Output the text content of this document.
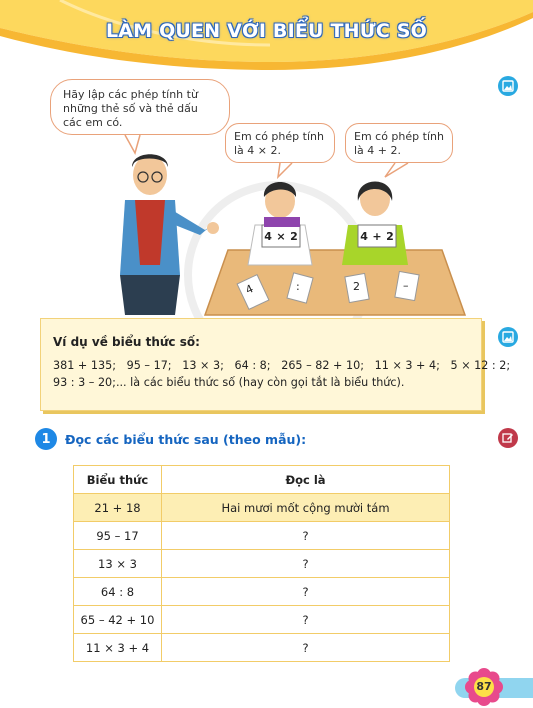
LÀM QUEN VỚI BIỂU THỨC SỐ
Hãy lập các phép tính từ những thẻ số và thẻ dấu các em có.
Em có phép tính là 4 × 2.
Em có phép tính là 4 + 2.
4 × 2	4 + 2
4	:	2	–
Ví dụ về biểu thức số:
381 + 135;   95 – 17;   13 × 3;   64 : 8;   265 – 82 + 10;   11 × 3 + 4;   5 × 12 : 2;
93 : 3 – 20;... là các biểu thức số (hay còn gọi tắt là biểu thức).
1	Đọc các biểu thức sau (theo mẫu):
Biểu thức	Đọc là
21 + 18	Hai mươi mốt cộng mười tám
95 – 17	?
13 × 3	?
64 : 8	?
65 – 42 + 10	?
11 × 3 + 4	?
87
